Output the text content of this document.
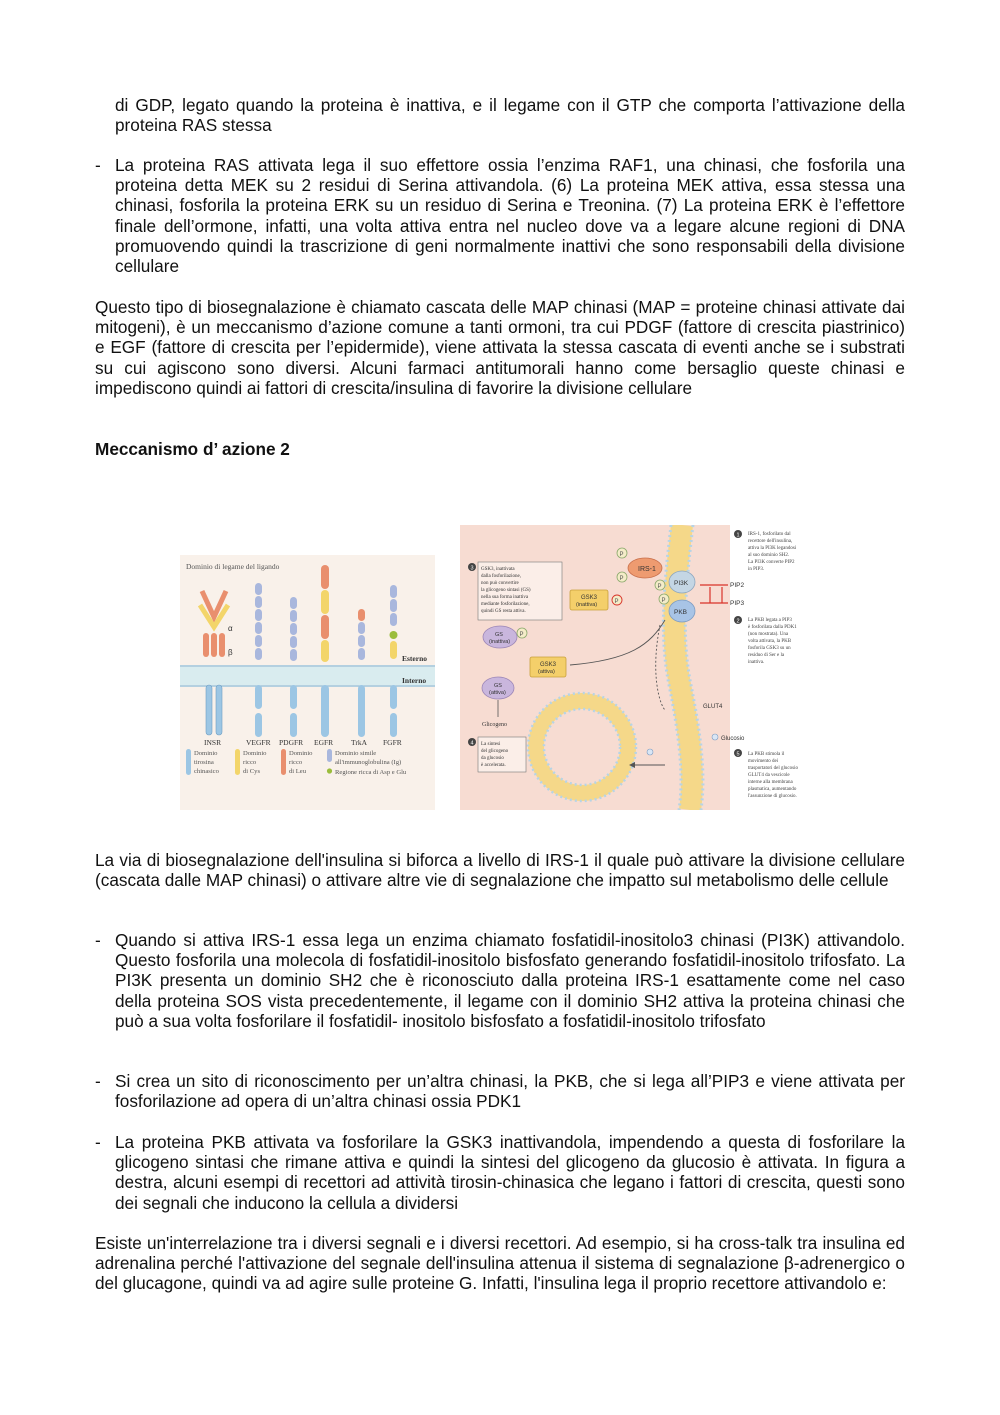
di GDP, legato quando la proteina è inattiva, e il legame con il GTP che comporta l’attivazione della proteina RAS stessa
- La proteina RAS attivata lega il suo effettore ossia l’enzima RAF1, una chinasi, che fosforila una proteina detta MEK su 2 residui di Serina attivandola. (6) La proteina MEK attiva, essa stessa una chinasi, fosforila la proteina ERK su un residuo di Serina e Treonina. (7) La proteina ERK è l’effettore finale dell’ormone, infatti, una volta attiva entra nel nucleo dove va a legare alcune regioni di DNA promuovendo quindi la trascrizione di geni normalmente inattivi che sono responsabili della divisione cellulare
Questo tipo di biosegnalazione è chiamato cascata delle MAP chinasi (MAP = proteine chinasi attivate dai mitogeni), è un meccanismo d’azione comune a tanti ormoni, tra cui PDGF (fattore di crescita piastrinico) e EGF (fattore di crescita per l’epidermide), viene attivata la stessa cascata di eventi anche se i substrati su cui agiscono sono diversi. Alcuni farmaci antitumorali hanno come bersaglio queste chinasi e impediscono quindi ai fattori di crescita/insulina di favorire la divisione cellulare
Meccanismo d’ azione 2
Dominio di legame del ligando
Esterno
Interno
α
β
INSR	VEGFR PDGFR EGFR TrkA FGFR
Dominio
tirosina
chinasico
Dominio
ricco
di Cys
Dominio
ricco
di Leu
Dominio simile
all'immunoglobulina (Ig)
Regione ricca di Asp e Glu
IRS-1
P
P
PI3K
PKB
P
P	PIP2
PIP3
3 GSK3, inattivata
dalla fosforilazione,
non può convertire
la glicogeno sintasi (GS)
nella sua forma inattiva
mediante fosforilazione,
quindi GS resta attiva.
GSK3
(inattiva)	P
GS
(inattiva)
P
GSK3
(attiva)
GS
(attiva)
Glicogeno
GLUT4
Glucosio
4 La sintesi
del glicogeno
da glucosio
è accelerata.
1 IRS-1, fosforilato dal
recettore dell'insulina,
attiva la PI3K legandosi
al suo dominio SH2.
La PI3K converte PIP2
in PIP3.
2 La PKB legata a PIP3
è fosforilata dalla PDK1
(non mostrata). Una
volta attivata, la PKB
fosforila GSK3 su un
residuo di Ser e la
inattiva.
5 La PKB stimola il
movimento dei
trasportatori del glucosio
GLUT4 da vescicole
interne alla membrana
plasmatica, aumentando
l'assunzione di glucosio.
La via di biosegnalazione dell'insulina si biforca a livello di IRS-1 il quale può attivare la divisione cellulare (cascata dalle MAP chinasi) o attivare altre vie di segnalazione che impatto sul metabolismo delle cellule
- Quando si attiva IRS-1 essa lega un enzima chiamato fosfatidil-inositolo3 chinasi (PI3K) attivandolo. Questo fosforila una molecola di fosfatidil-inositolo bisfosfato generando fosfatidil-inositolo trifosfato. La PI3K presenta un dominio SH2 che è riconosciuto dalla proteina IRS-1 esattamente come nel caso della proteina SOS vista precedentemente, il legame con il dominio SH2 attiva la proteina chinasi che può a sua volta fosforilare il fosfatidil- inositolo bisfosfato a fosfatidil-inositolo trifosfato
- Si crea un sito di riconoscimento per un’altra chinasi, la PKB, che si lega all’PIP3 e viene attivata per fosforilazione ad opera di un’altra chinasi ossia PDK1
- La proteina PKB attivata va fosforilare la GSK3 inattivandola, impendendo a questa di fosforilare la glicogeno sintasi che rimane attiva e quindi la sintesi del glicogeno da glucosio è attivata. In figura a destra, alcuni esempi di recettori ad attività tirosin-chinasica che legano i fattori di crescita, questi sono dei segnali che inducono la cellula a dividersi
Esiste un'interrelazione tra i diversi segnali e i diversi recettori. Ad esempio, si ha cross-talk tra insulina ed adrenalina perché l'attivazione del segnale dell'insulina attenua il sistema di segnalazione β-adrenergico o del glucagone, quindi va ad agire sulle proteine G. Infatti, l'insulina lega il proprio recettore attivandolo e:
